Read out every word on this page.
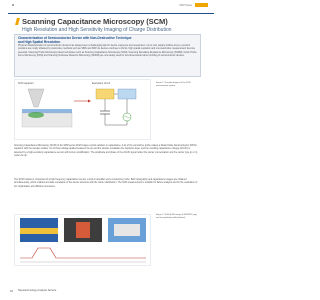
SPM Series
Scanning Capacitance Microscopy (SCM)
High Resolution and High Sensitivity Imaging of Charge Distribution
Characterization of Semiconductor Device with Non-Destructive Technique
and High Spatial Resolution
Physical characterization of semiconductor devices has always been a challenging task for device engineers and researchers. Up to now, dopant profiles and p-n junction positions are mostly obtained by destructive methods such as SIMS and SRP. As devices continue to shrink, high spatial resolution and non-destructive measurement become essential. Scanning Probe Microscopy based techniques such as Scanning Capacitance Microscopy (SCM), Scanning Spreading Resistance Microscopy (SSRM), Kelvin Probe Force Microscopy (KFM) and Scanning Nonlinear Dielectric Microscopy (SNDM) are now widely used for two-dimensional carrier profiling of semiconductor devices.
SCM capacitor	Equivalent circuit	Figure 1. Principle diagram of the SCM measurement system
Scanning Capacitance Microscopy (SCM) of the SPM series AFM images a local variation in capacitance. A tip of the conductive probe makes a Metal-Oxide-Semiconductor (MOS) capacitor with the sample surface. An AC bias voltage applied between the tip and the sample modulates the depletion layer, and the resulting capacitance change (dC/dV) is detected by a high-sensitivity capacitance sensor with lock-in amplification. The amplitude and phase of the dC/dV signal reflect the carrier concentration and the carrier type (p or n) under the tip.
The SCM module is composed of a high frequency capacitance sensor, a lock-in amplifier and a conductive probe. Both topography and capacitance images are obtained simultaneously, which enables accurate correlation of the device structure with the carrier distribution. The SCM measurement is suitable for failure analysis and for the evaluation of ion implantation and diffusion processes.
Figure 2. SCM dC/dV image of MOSFET (top) and its amplitude profile (bottom)
10 Nanotechnology Analysis Service
